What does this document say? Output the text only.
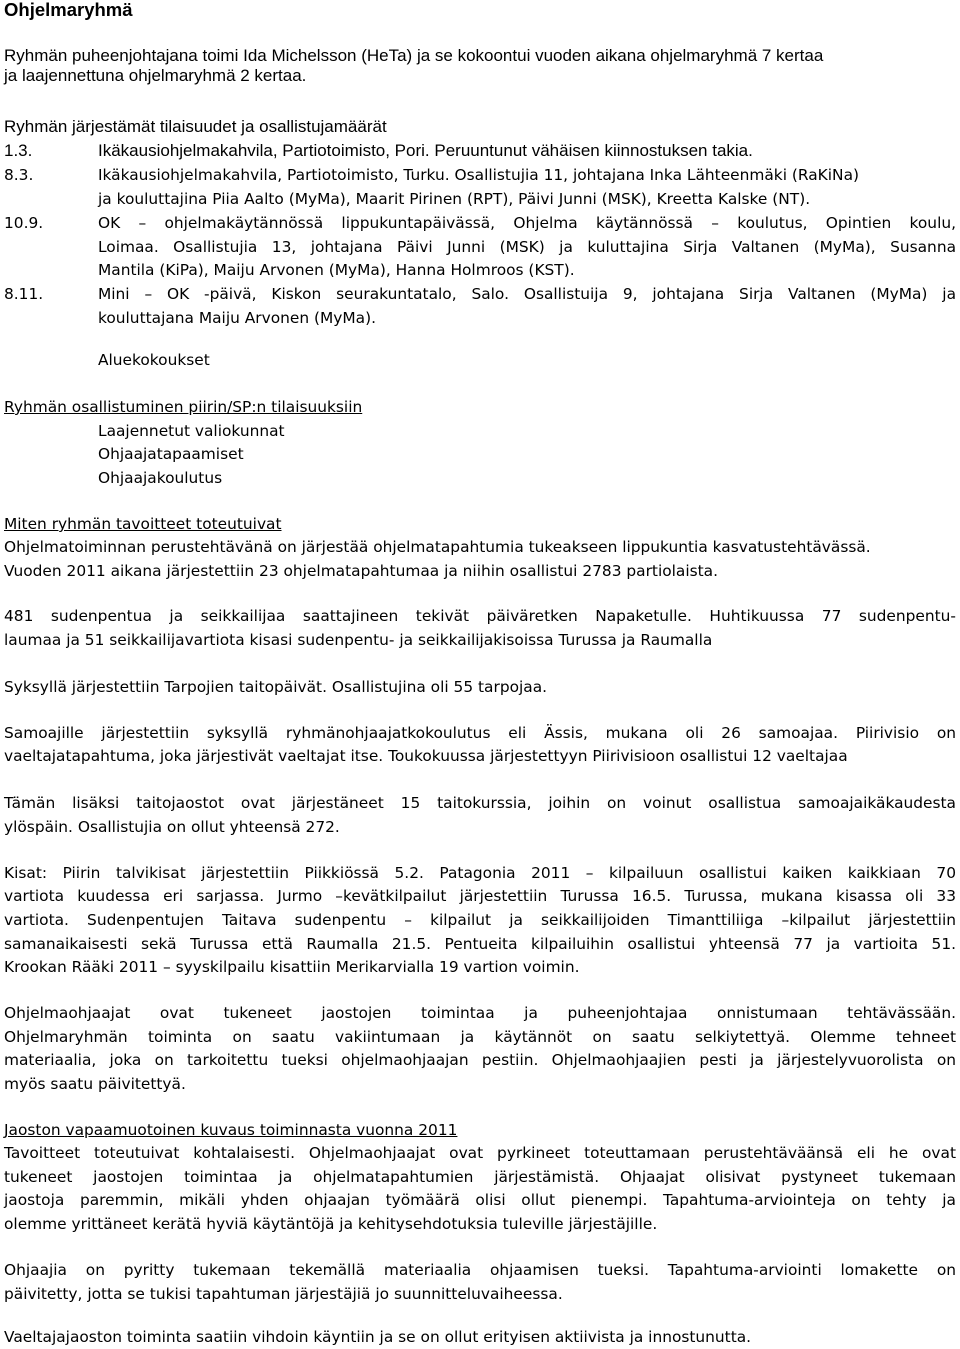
Ohjelmaryhmä
Ryhmän puheenjohtajana toimi Ida Michelsson (HeTa) ja se kokoontui vuoden aikana ohjelmaryhmä 7 kertaa
ja laajennettuna ohjelmaryhmä 2 kertaa.
Ryhmän järjestämät tilaisuudet ja osallistujamäärät
1.3.	Ikäkausiohjelmakahvila, Partiotoimisto, Pori. Peruuntunut vähäisen kiinnostuksen takia.
8.3.	Ikäkausiohjelmakahvila, Partiotoimisto, Turku. Osallistujia 11, johtajana Inka Lähteenmäki (RaKiNa)
ja kouluttajina Piia Aalto (MyMa), Maarit Pirinen (RPT), Päivi Junni (MSK), Kreetta Kalske (NT).
10.9.	OK – ohjelmakäytännössä lippukuntapäivässä, Ohjelma käytännössä – koulutus, Opintien koulu,
Loimaa. Osallistujia 13, johtajana Päivi Junni (MSK) ja kuluttajina Sirja Valtanen (MyMa), Susanna
Mantila (KiPa), Maiju Arvonen (MyMa), Hanna Holmroos (KST).
8.11.	Mini – OK -päivä, Kiskon seurakuntatalo, Salo. Osallistuija 9, johtajana Sirja Valtanen (MyMa) ja
kouluttajana Maiju Arvonen (MyMa).
Aluekokoukset
Ryhmän osallistuminen piirin/SP:n tilaisuuksiin
Laajennetut valiokunnat
Ohjaajatapaamiset
Ohjaajakoulutus
Miten ryhmän tavoitteet toteutuivat
Ohjelmatoiminnan perustehtävänä on järjestää ohjelmatapahtumia tukeakseen lippukuntia kasvatustehtävässä.
Vuoden 2011 aikana järjestettiin 23 ohjelmatapahtumaa ja niihin osallistui 2783 partiolaista.
481 sudenpentua ja seikkailijaa saattajineen tekivät päiväretken Napaketulle. Huhtikuussa 77 sudenpentu-
laumaa ja 51 seikkailijavartiota kisasi sudenpentu- ja seikkailijakisoissa Turussa ja Raumalla
Syksyllä järjestettiin Tarpojien taitopäivät. Osallistujina oli 55 tarpojaa.
Samoajille järjestettiin syksyllä ryhmänohjaajatkokoulutus eli Ässis, mukana oli 26 samoajaa. Piirivisio on
vaeltajatapahtuma, joka järjestivät vaeltajat itse. Toukokuussa järjestettyyn Piirivisioon osallistui 12 vaeltajaa
Tämän lisäksi taitojaostot ovat järjestäneet 15 taitokurssia, joihin on voinut osallistua samoajaikäkaudesta
ylöspäin. Osallistujia on ollut yhteensä 272.
Kisat: Piirin talvikisat järjestettiin Piikkiössä 5.2. Patagonia 2011 – kilpailuun osallistui kaiken kaikkiaan 70
vartiota kuudessa eri sarjassa. Jurmo –kevätkilpailut järjestettiin Turussa 16.5. Turussa, mukana kisassa oli 33
vartiota. Sudenpentujen Taitava sudenpentu – kilpailut ja seikkailijoiden Timanttiliiga –kilpailut järjestettiin
samanaikaisesti sekä Turussa että Raumalla 21.5. Pentueita kilpailuihin osallistui yhteensä 77 ja vartioita 51.
Krookan Rääki 2011 – syyskilpailu kisattiin Merikarvialla 19 vartion voimin.
Ohjelmaohjaajat ovat tukeneet jaostojen toimintaa ja puheenjohtajaa onnistumaan tehtävässään.
Ohjelmaryhmän toiminta on saatu vakiintumaan ja käytännöt on saatu selkiytettyä. Olemme tehneet
materiaalia, joka on tarkoitettu tueksi ohjelmaohjaajan pestiin. Ohjelmaohjaajien pesti ja järjestelyvuorolista on
myös saatu päivitettyä.
Jaoston vapaamuotoinen kuvaus toiminnasta vuonna 2011
Tavoitteet toteutuivat kohtalaisesti. Ohjelmaohjaajat ovat pyrkineet toteuttamaan perustehtäväänsä eli he ovat
tukeneet jaostojen toimintaa ja ohjelmatapahtumien järjestämistä. Ohjaajat olisivat pystyneet tukemaan
jaostoja paremmin, mikäli yhden ohjaajan työmäärä olisi ollut pienempi. Tapahtuma-arviointeja on tehty ja
olemme yrittäneet kerätä hyviä käytäntöjä ja kehitysehdotuksia tuleville järjestäjille.
Ohjaajia on pyritty tukemaan tekemällä materiaalia ohjaamisen tueksi. Tapahtuma-arviointi lomakette on
päivitetty, jotta se tukisi tapahtuman järjestäjiä jo suunnitteluvaiheessa.
Vaeltajajaoston toiminta saatiin vihdoin käyntiin ja se on ollut erityisen aktiivista ja innostunutta.
